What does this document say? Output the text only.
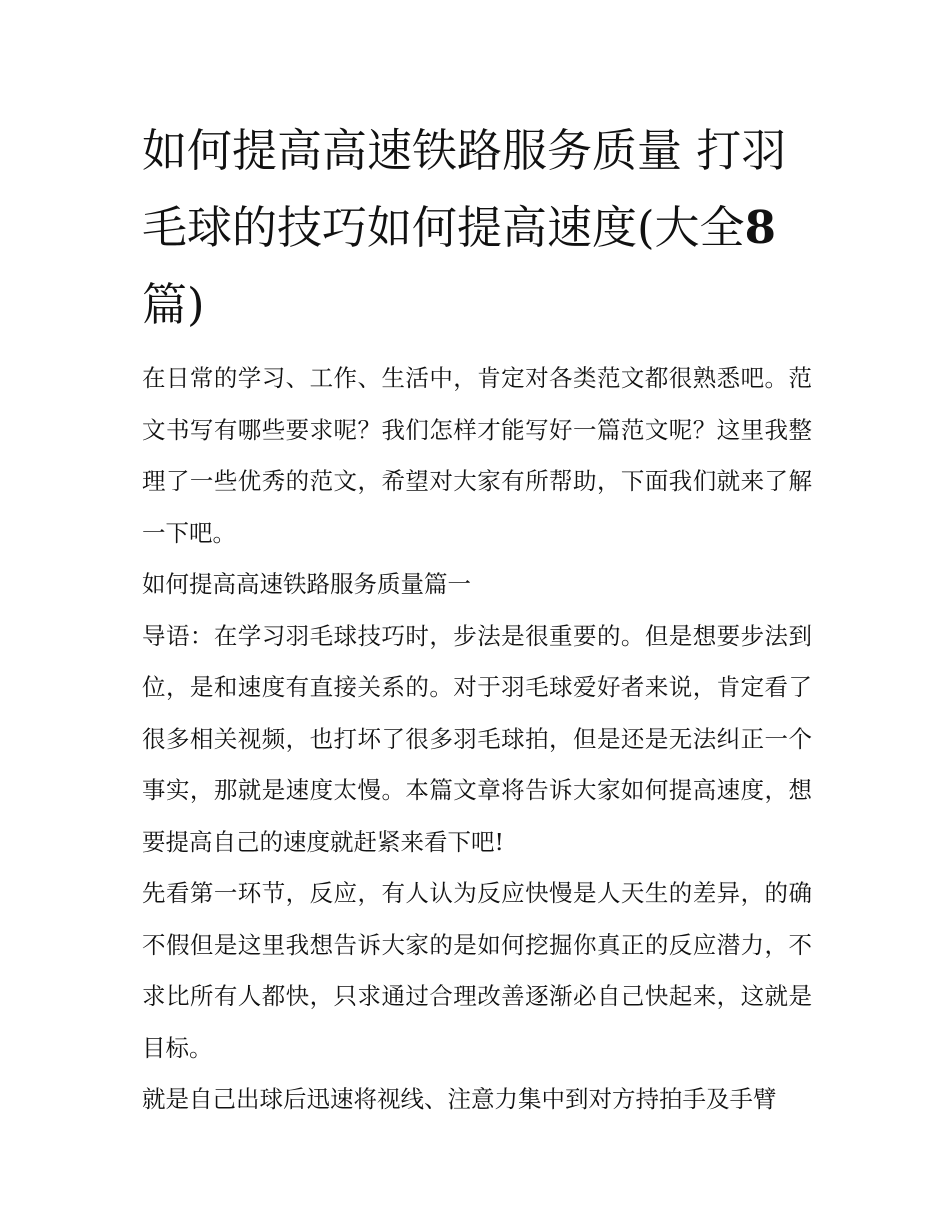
如何提高高速铁路服务质量 打羽毛球的技巧如何提高速度(大全8篇)

在日常的学习、工作、生活中，肯定对各类范文都很熟悉吧。范文书写有哪些要求呢？我们怎样才能写好一篇范文呢？这里我整理了一些优秀的范文，希望对大家有所帮助，下面我们就来了解一下吧。

如何提高高速铁路服务质量篇一

导语：在学习羽毛球技巧时，步法是很重要的。但是想要步法到位，是和速度有直接关系的。对于羽毛球爱好者来说，肯定看了很多相关视频，也打坏了很多羽毛球拍，但是还是无法纠正一个事实，那就是速度太慢。本篇文章将告诉大家如何提高速度，想要提高自己的速度就赶紧来看下吧!

先看第一环节，反应，有人认为反应快慢是人天生的差异，的确不假但是这里我想告诉大家的是如何挖掘你真正的反应潜力，不求比所有人都快，只求通过合理改善逐渐必自己快起来，这就是目标。

就是自己出球后迅速将视线、注意力集中到对方持拍手及手臂
